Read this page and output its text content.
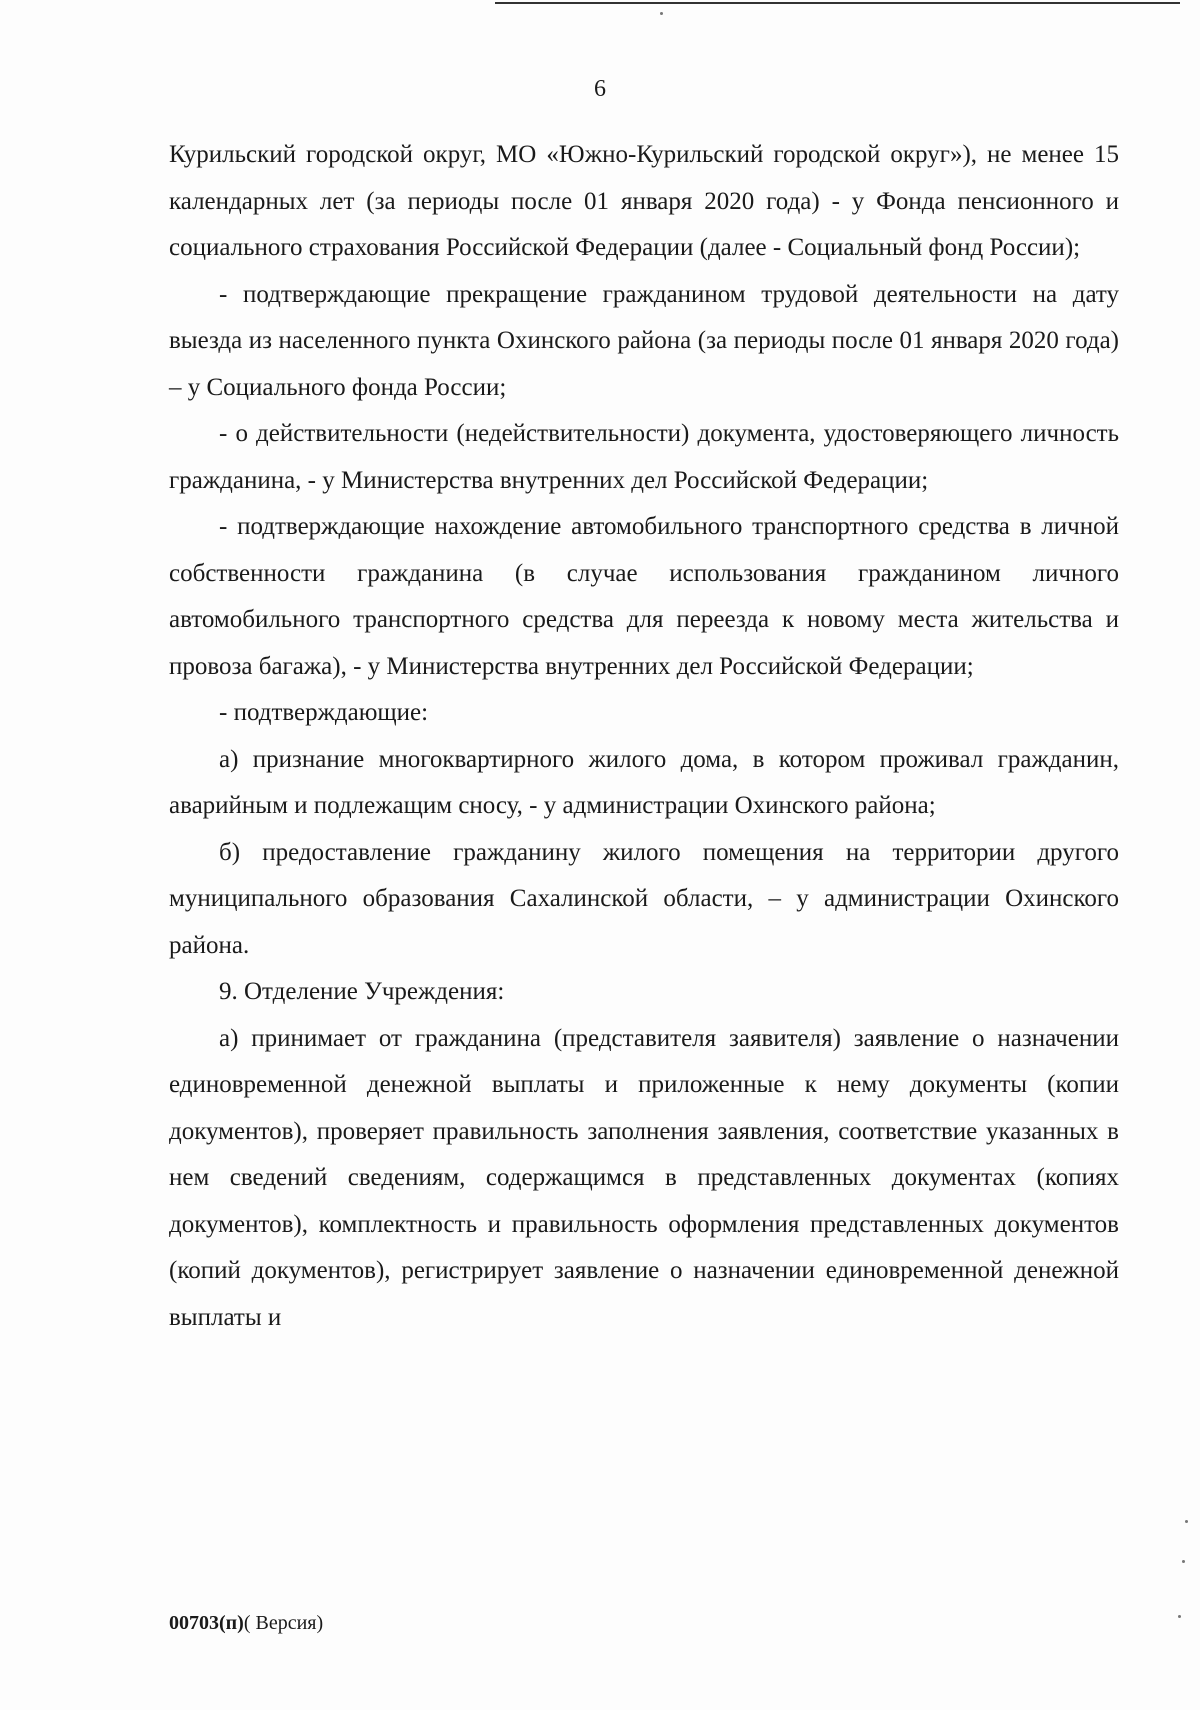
6

Курильский городской округ, МО «Южно-Курильский городской округ»), не менее 15 календарных лет (за периоды после 01 января 2020 года) - у Фонда пенсионного и социального страхования Российской Федерации (далее - Социальный фонд России);

- подтверждающие прекращение гражданином трудовой деятельности на дату выезда из населенного пункта Охинского района (за периоды после 01 января 2020 года) – у Социального фонда России;

- о действительности (недействительности) документа, удостоверяющего личность гражданина, - у Министерства внутренних дел Российской Федерации;

- подтверждающие нахождение автомобильного транспортного средства в личной собственности гражданина (в случае использования гражданином личного автомобильного транспортного средства для переезда к новому места жительства и провоза багажа), - у Министерства внутренних дел Российской Федерации;

- подтверждающие:

а) признание многоквартирного жилого дома, в котором проживал гражданин, аварийным и подлежащим сносу, - у администрации Охинского района;

б) предоставление гражданину жилого помещения на территории другого муниципального образования Сахалинской области, – у администрации Охинского района.

9. Отделение Учреждения:

а) принимает от гражданина (представителя заявителя) заявление о назначении единовременной денежной выплаты и приложенные к нему документы (копии документов), проверяет правильность заполнения заявления, соответствие указанных в нем сведений сведениям, содержащимся в представленных документах (копиях документов), комплектность и правильность оформления представленных документов (копий документов), регистрирует заявление о назначении единовременной денежной выплаты и

00703(п)( Версия)
